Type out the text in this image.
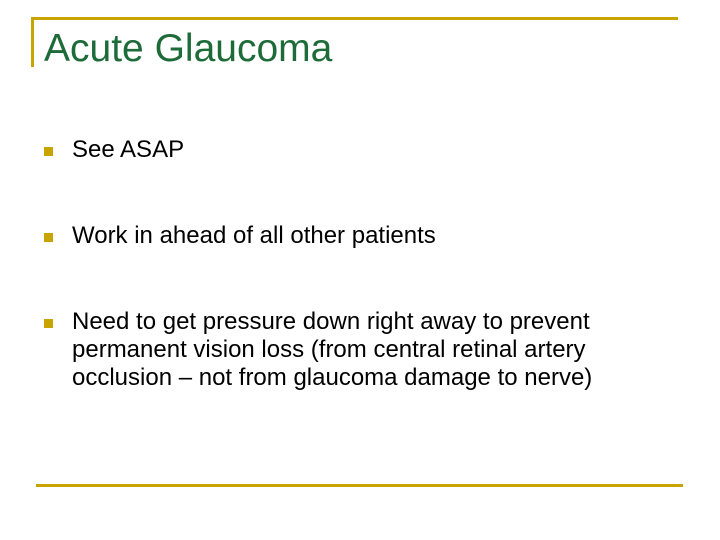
Acute Glaucoma
See ASAP
Work in ahead of all other patients
Need to get pressure down right away to prevent permanent vision loss (from central retinal artery occlusion – not from glaucoma damage to nerve)
